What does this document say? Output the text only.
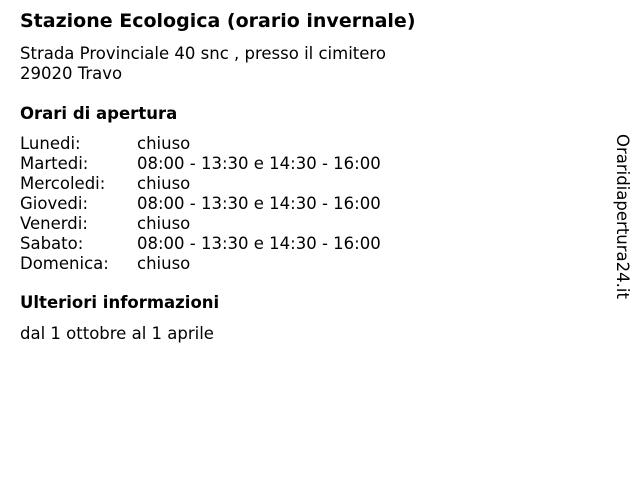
Stazione Ecologica (orario invernale)
Strada Provinciale 40 snc , presso il cimitero
29020 Travo
Orari di apertura
Lunedi:	chiuso
Martedi:	08:00 - 13:30 e 14:30 - 16:00
Mercoledi: chiuso
Giovedi:	08:00 - 13:30 e 14:30 - 16:00
Venerdi:	chiuso
Sabato:	08:00 - 13:30 e 14:30 - 16:00
Domenica: chiuso
Ulteriori informazioni
dal 1 ottobre al 1 aprile
Oraridiapertura24.it
